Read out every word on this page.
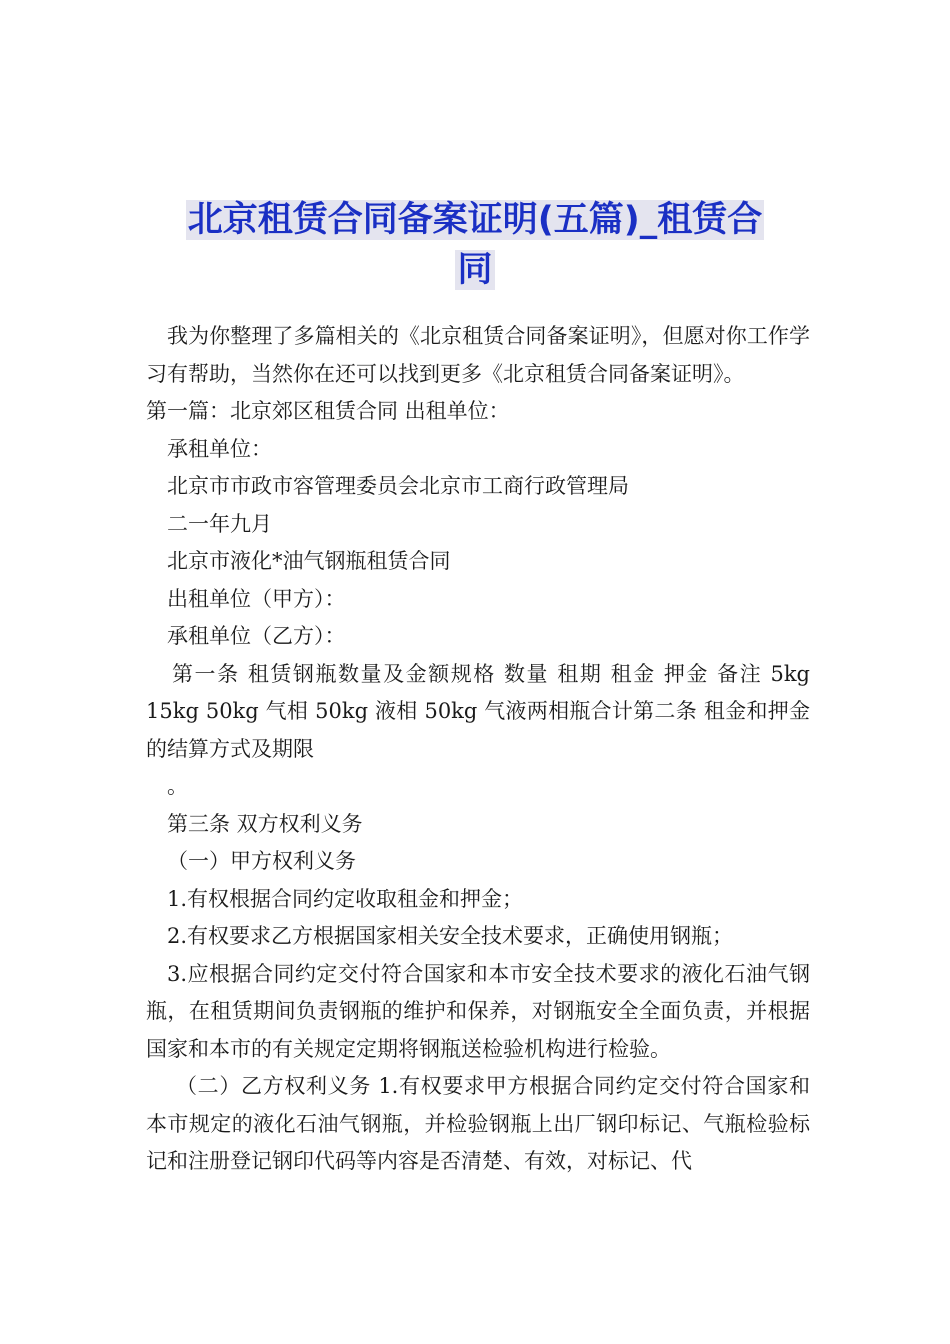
北京租赁合同备案证明(五篇)_租赁合
同

我为你整理了多篇相关的《北京租赁合同备案证明》，但愿对你工作学习有帮助，当然你在还可以找到更多《北京租赁合同备案证明》。

第一篇：北京郊区租赁合同 出租单位：

承租单位：

北京市市政市容管理委员会北京市工商行政管理局

二一年九月

北京市液化*油气钢瓶租赁合同

出租单位（甲方）：

承租单位（乙方）：

第一条 租赁钢瓶数量及金额规格 数量 租期 租金 押金 备注 5kg 15kg 50kg 气相 50kg 液相 50kg 气液两相瓶合计第二条 租金和押金的结算方式及期限

。

第三条 双方权利义务

（一）甲方权利义务

1.有权根据合同约定收取租金和押金；

2.有权要求乙方根据国家相关安全技术要求，正确使用钢瓶；

3.应根据合同约定交付符合国家和本市安全技术要求的液化石油气钢瓶，在租赁期间负责钢瓶的维护和保养，对钢瓶安全全面负责，并根据国家和本市的有关规定定期将钢瓶送检验机构进行检验。

（二）乙方权利义务 1.有权要求甲方根据合同约定交付符合国家和本市规定的液化石油气钢瓶，并检验钢瓶上出厂钢印标记、气瓶检验标记和注册登记钢印代码等内容是否清楚、有效，对标记、代
